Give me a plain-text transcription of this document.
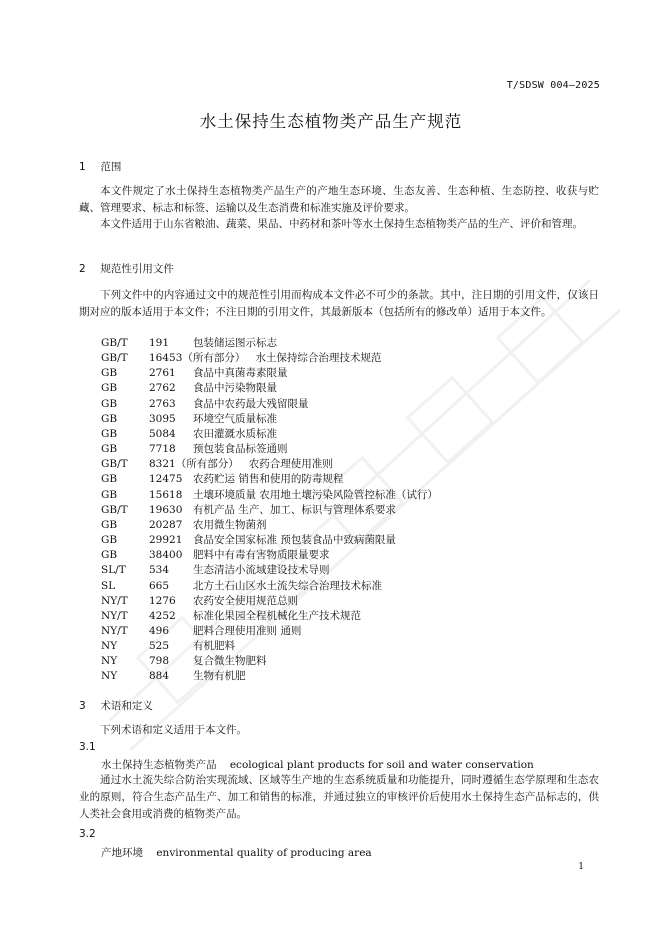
T/SDSW 004—2025
水土保持生态植物类产品生产规范
1 范围
本文件规定了水土保持生态植物类产品生产的产地生态环境、生态友善、生态种植、生态防控、收获与贮藏、管理要求、标志和标签、运输以及生态消费和标准实施及评价要求。
本文件适用于山东省粮油、蔬菜、果品、中药材和茶叶等水土保持生态植物类产品的生产、评价和管理。
2 规范性引用文件
下列文件中的内容通过文中的规范性引用而构成本文件必不可少的条款。其中，注日期的引用文件，仅该日期对应的版本适用于本文件；不注日期的引用文件，其最新版本（包括所有的修改单）适用于本文件。
GB/T 191 包装储运图示标志
GB/T 16453（所有部分） 水土保持综合治理技术规范
GB	2761 食品中真菌毒素限量
GB	2762 食品中污染物限量
GB	2763 食品中农药最大残留限量
GB	3095 环境空气质量标准
GB	5084 农田灌溉水质标准
GB	7718 预包装食品标签通则
GB/T 8321（所有部分） 农药合理使用准则
GB	12475 农药贮运 销售和使用的防毒规程
GB	15618 土壤环境质量 农用地土壤污染风险管控标准（试行）
GB/T 19630 有机产品 生产、加工、标识与管理体系要求
GB	20287 农用微生物菌剂
GB	29921 食品安全国家标准 预包装食品中致病菌限量
GB	38400 肥料中有毒有害物质限量要求
SL/T 534 生态清洁小流域建设技术导则
SL	665 北方土石山区水土流失综合治理技术标准
NY/T 1276 农药安全使用规范总则
NY/T 4252 标准化果园全程机械化生产技术规范
NY/T 496 肥料合理使用准则 通则
NY	525 有机肥料
NY	798 复合微生物肥料
NY	884 生物有机肥
3 术语和定义
下列术语和定义适用于本文件。
3.1
水土保持生态植物类产品 ecological plant products for soil and water conservation
通过水土流失综合防治实现流域、区域等生产地的生态系统质量和功能提升，同时遵循生态学原理和生态农业的原则，符合生态产品生产、加工和销售的标准，并通过独立的审核评价后使用水土保持生态产品标志的，供人类社会食用或消费的植物类产品。
3.2
产地环境 environmental quality of producing area
1
